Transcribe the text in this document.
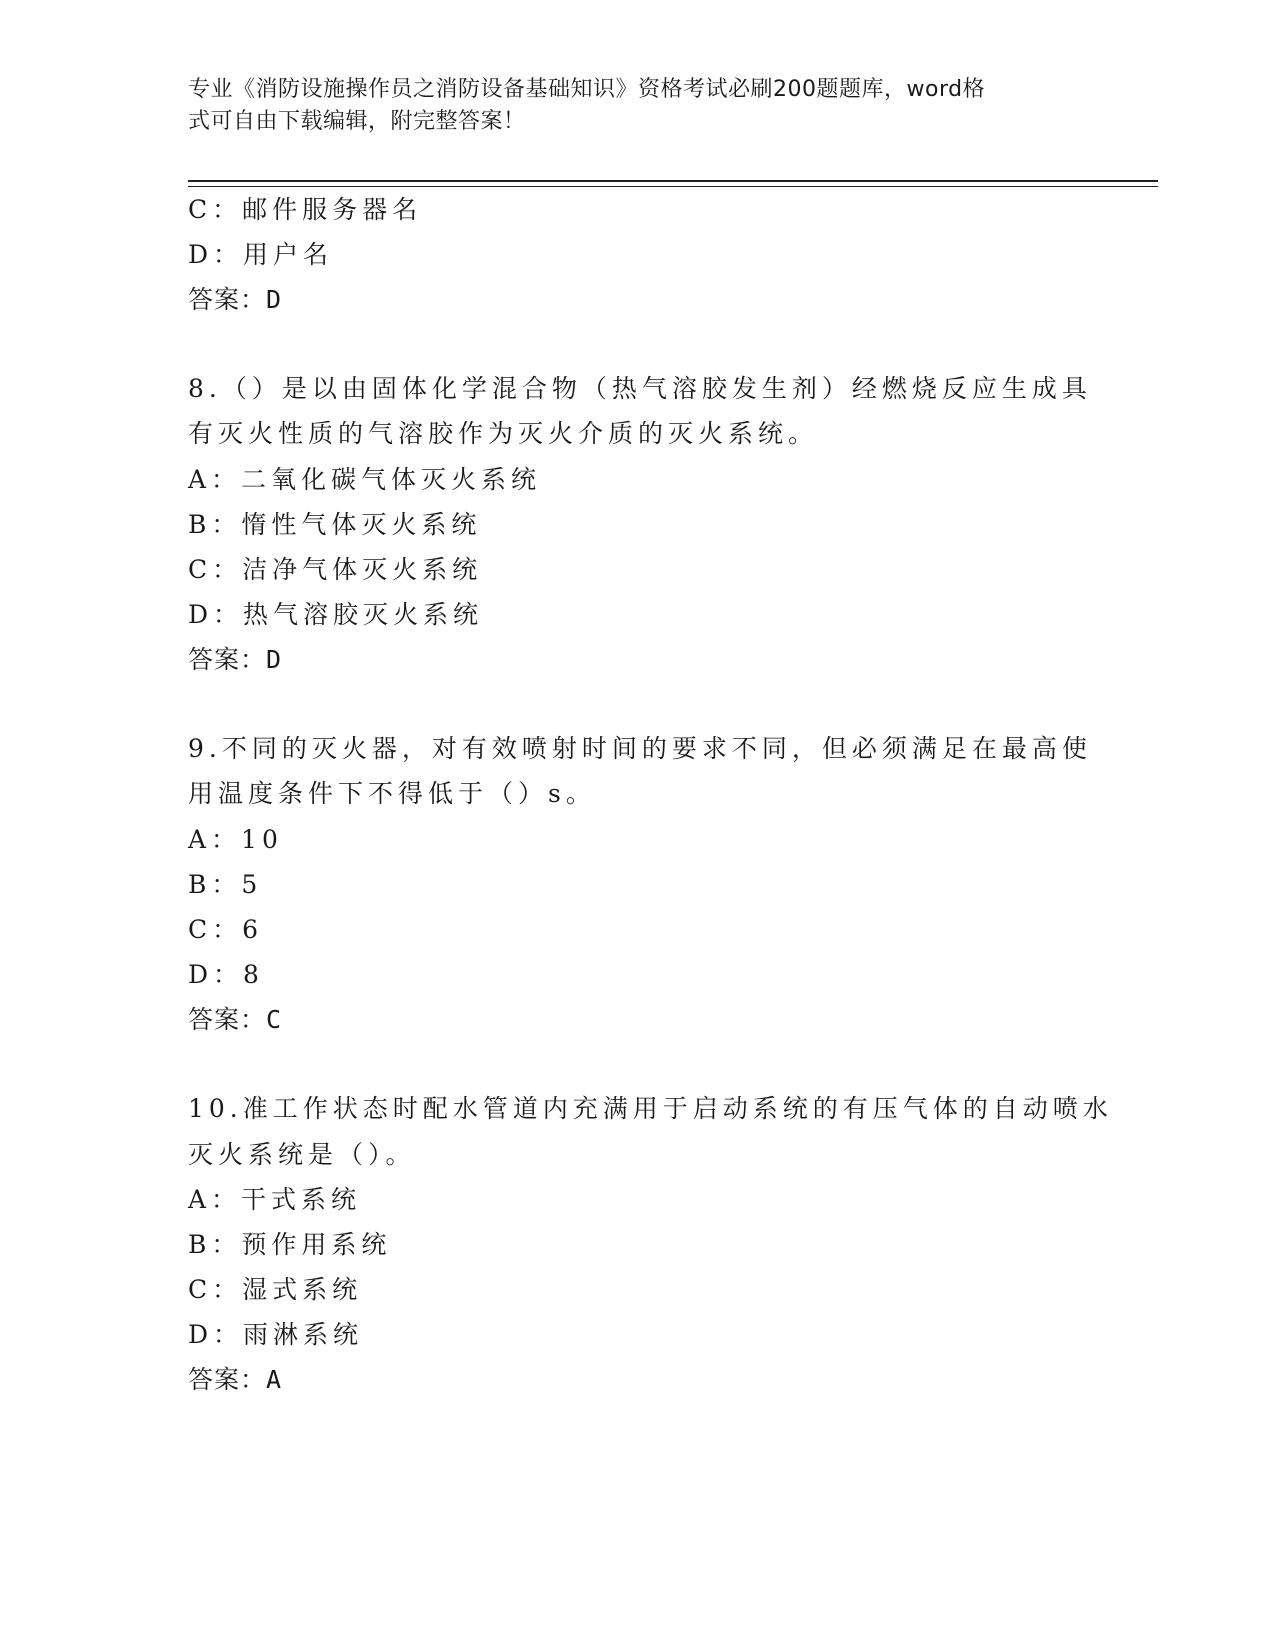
专业《消防设施操作员之消防设备基础知识》资格考试必刷200题题库，word格
式可自由下载编辑，附完整答案！
C：邮件服务器名
D：用户名
答案：D
8.（）是以由固体化学混合物（热气溶胶发生剂）经燃烧反应生成具
有灭火性质的气溶胶作为灭火介质的灭火系统。
A：二氧化碳气体灭火系统
B：惰性气体灭火系统
C：洁净气体灭火系统
D：热气溶胶灭火系统
答案：D
9.不同的灭火器，对有效喷射时间的要求不同，但必须满足在最高使
用温度条件下不得低于（）s。
A：10
B：5
C：6
D：8
答案：C
10.准工作状态时配水管道内充满用于启动系统的有压气体的自动喷水
灭火系统是（）。
A：干式系统
B：预作用系统
C：湿式系统
D：雨淋系统
答案：A
